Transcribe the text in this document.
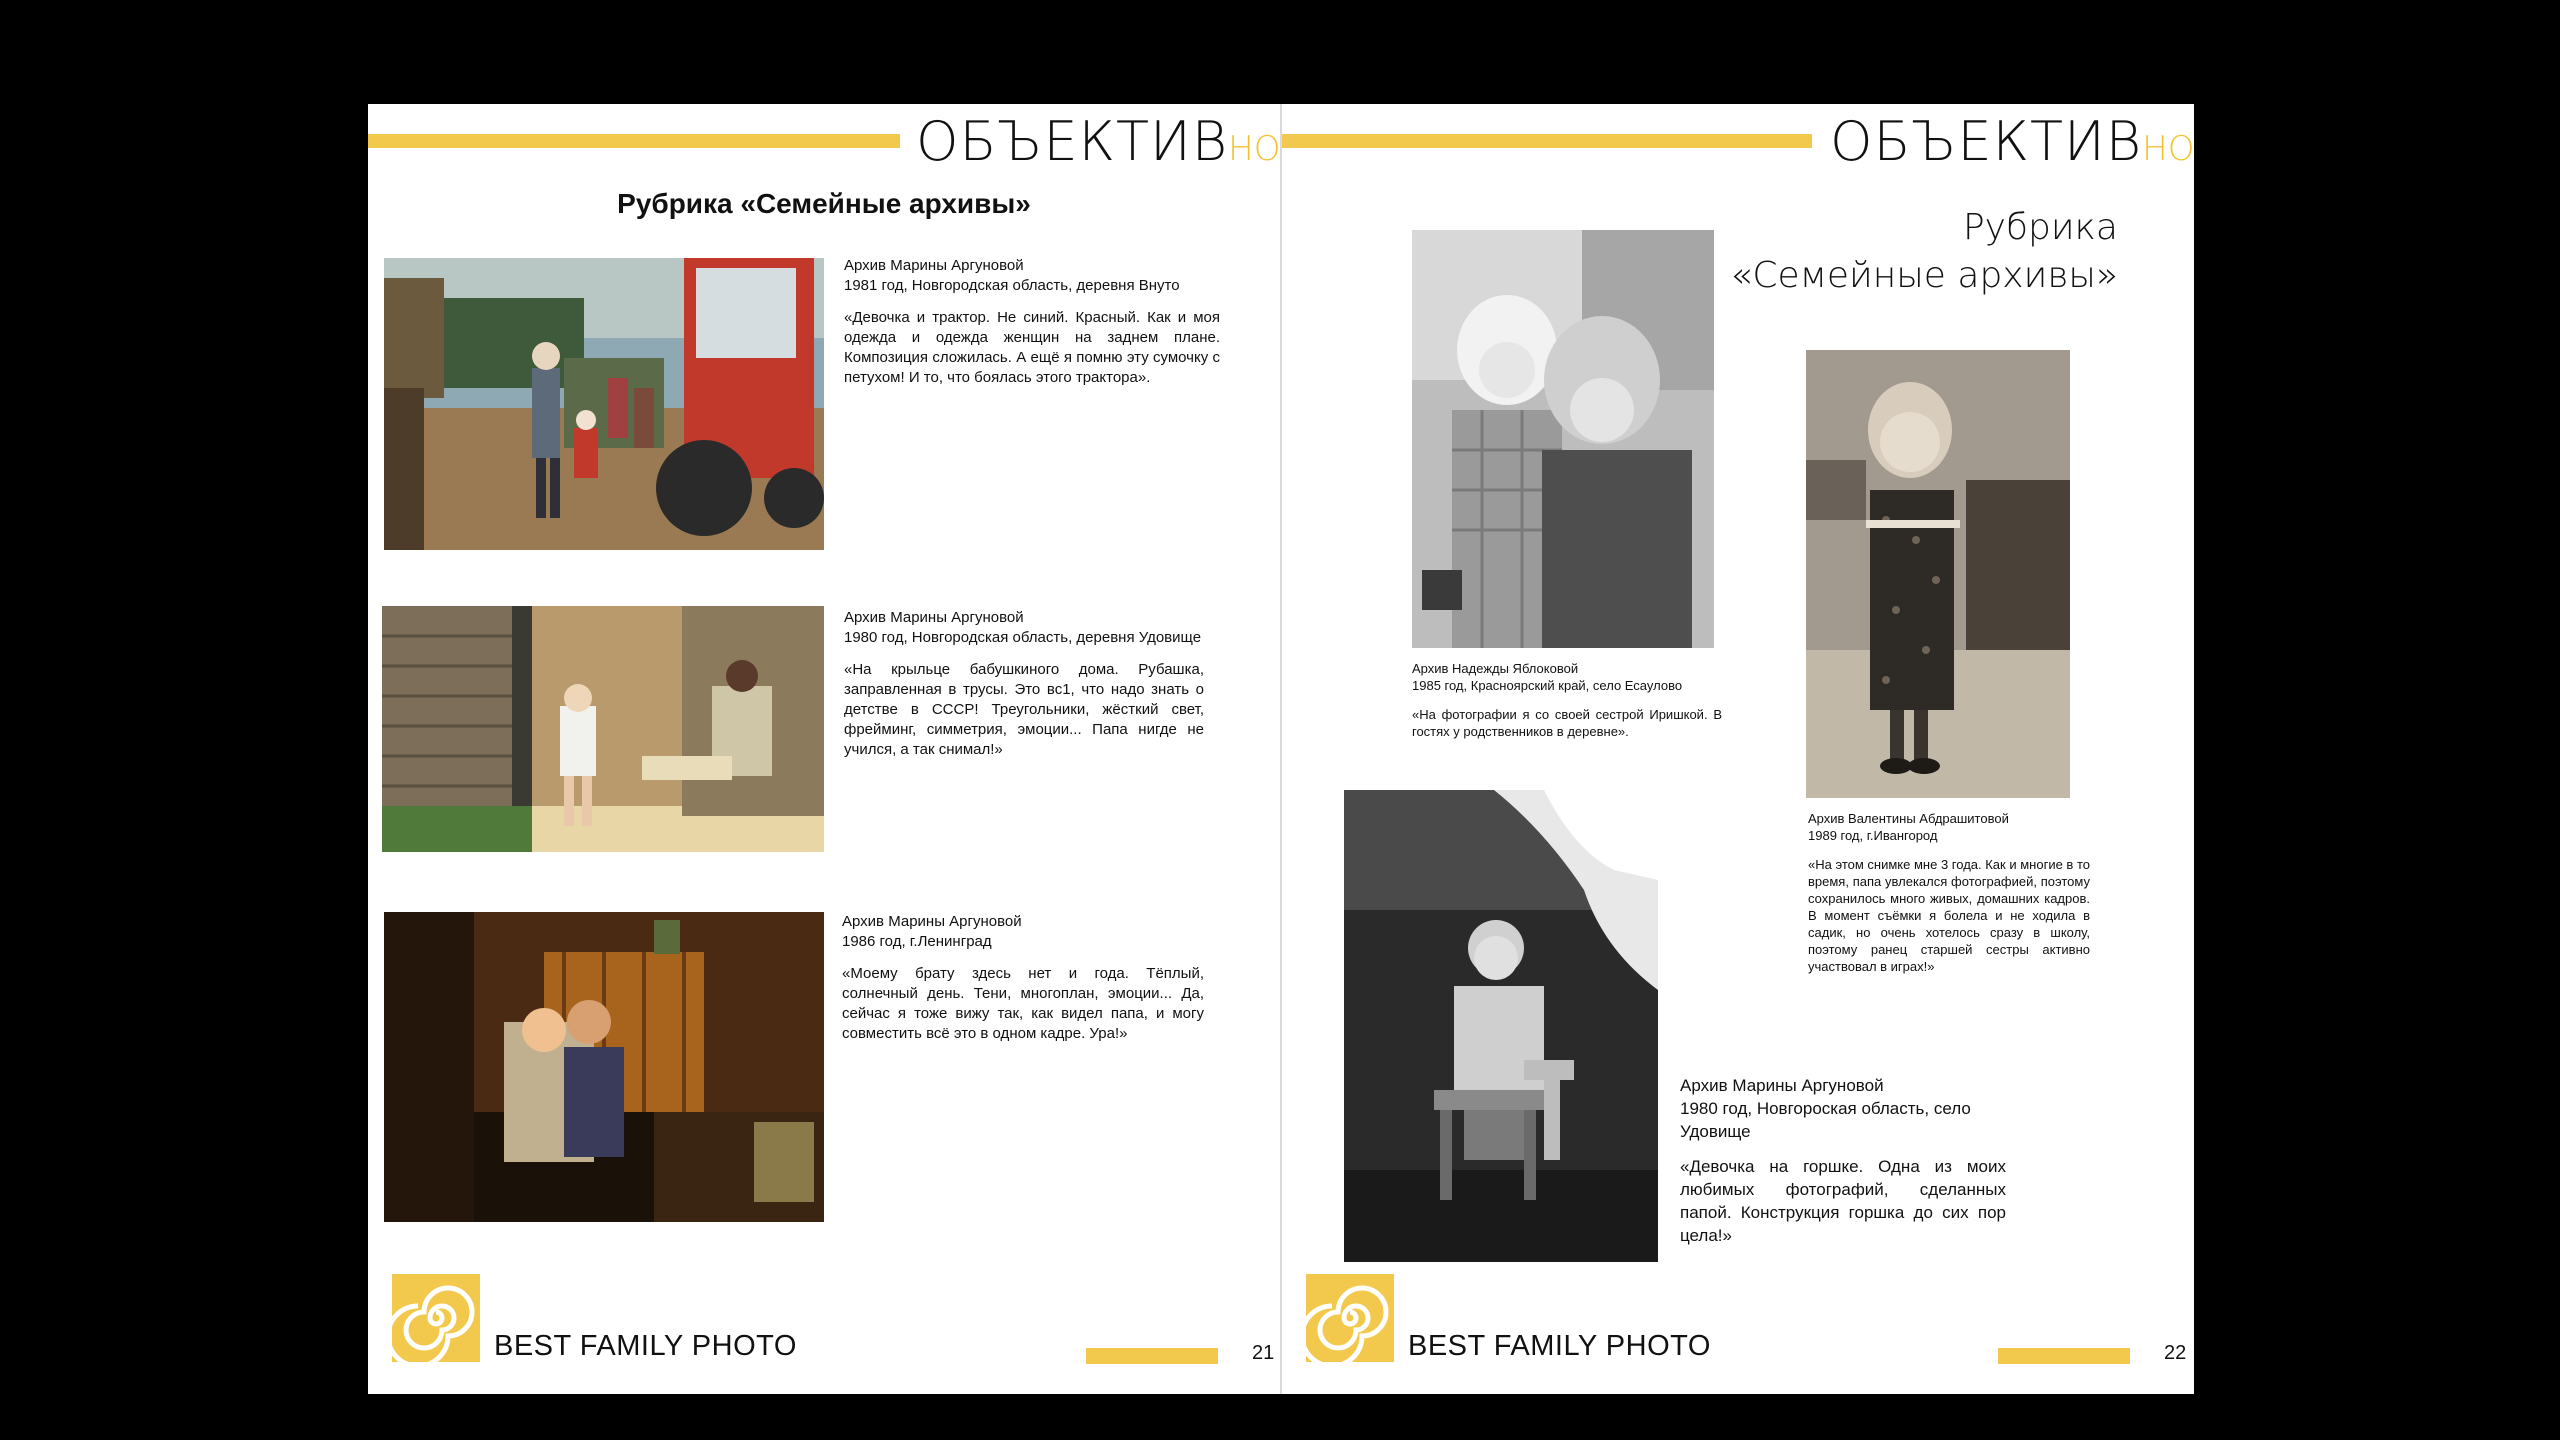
ОБЪЕКТИВНО
Рубрика «Семейные архивы»
Архив Марины Аргуновой
1981 год, Новгородская область, деревня Внуто

«Девочка и трактор. Не синий. Красный. Как и моя одежда и одежда женщин на заднем плане. Композиция сложилась. А ещё я помню эту сумочку с петухом! И то, что боялась этого трактора».

Архив Марины Аргуновой
1980 год, Новгородская область, деревня Удовище

«На крыльце бабушкиного дома. Рубашка, заправленная в трусы. Это вс1, что надо знать о детстве в СССР! Треугольники, жёсткий свет, фрейминг, симметрия, эмоции... Папа нигде не учился, а так снимал!»

Архив Марины Аргуновой
1986 год, г.Ленинград

«Моему брату здесь нет и года. Тёплый, солнечный день. Тени, многоплан, эмоции... Да, сейчас я тоже вижу так, как видел папа, и могу совместить всё это в одном кадре. Ура!»

BEST FAMILY PHOTO	21
ОБЪЕКТИВНО
Рубрика
«Семейные архивы»
Архив Надежды Яблоковой
1985 год, Красноярский край, село Есаулово

«На фотографии я со своей сестрой Иришкой. В гостях у родственников в деревне».

Архив Валентины Абдрашитовой
1989 год, г.Ивангород

«На этом снимке мне 3 года. Как и многие в то время, папа увлекался фотографией, поэтому сохранилось много живых, домашних кадров. В момент съёмки я болела и не ходила в садик, но очень хотелось сразу в школу, поэтому ранец старшей сестры активно участвовал в играх!»

Архив Марины Аргуновой
1980 год, Новгороская область, село Удовище

«Девочка на горшке. Одна из моих любимых фотографий, сделанных папой. Конструкция горшка до сих пор цела!»

BEST FAMILY PHOTO	22
